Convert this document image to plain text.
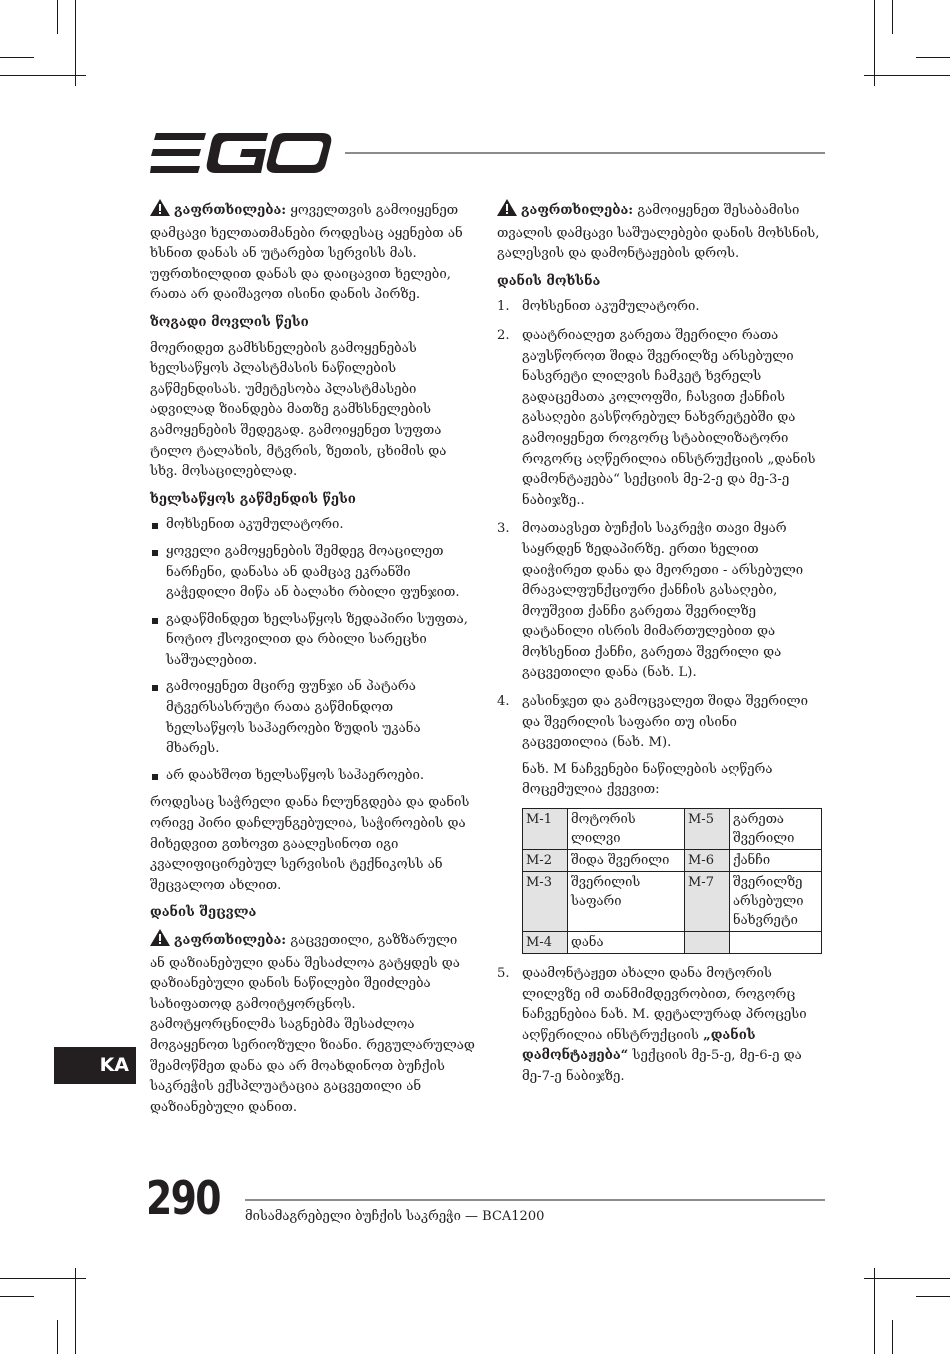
გაფრთხილება: ყოველთვის გამოიყენეთ დამცავი ხელთათმანები როდესაც აყენებთ ან ხსნით დანას ან უტარებთ სერვისს მას. უფრთხილდით დანას და დაიცავით ხელები, რათა არ დაიშავოთ ისინი დანის პირზე.

ზოგადი მოვლის წესი

მოერიდეთ გამხსნელების გამოყენებას ხელსაწყოს პლასტმასის ნაწილების გაწმენდისას. უმეტესობა პლასტმასები ადვილად ზიანდება მათზე გამხსნელების გამოყენების შედეგად. გამოიყენეთ სუფთა ტილო ტალახის, მტვრის, ზეთის, ცხიმის და სხვ. მოსაცილებლად.

ხელსაწყოს გაწმენდის წესი
მოხსენით აკუმულატორი.
ყოველი გამოყენების შემდეგ მოაცილეთ ნარჩენი, დანასა ან დამცავ ეკრანში გაჭედილი მიწა ან ბალახი რბილი ფუნჯით.
გადაწმინდეთ ხელსაწყოს ზედაპირი სუფთა, ნოტიო ქსოვილით და რბილი სარეცხი საშუალებით.
გამოიყენეთ მცირე ფუნჯი ან პატარა მტვერსასრუტი რათა გაწმინდოთ ხელსაწყოს საჰაეროები ზუდის უკანა მხარეს.
არ დაახშოთ ხელსაწყოს საჰაეროები.

როდესაც საჭრელი დანა ჩლუნგდება და დანის ორივე პირი დაჩლუნგებულია, საჭიროების და მიხედვით გთხოვთ გაალესინოთ იგი კვალიფიცირებულ სერვისის ტექნიკოსს ან შეცვალოთ ახლით.

დანის შეცვლა

გაფრთხილება: გაცვეთილი, გაზზარული ან დაზიანებული დანა შესაძლოა გატყდეს და დაზიანებული დანის ნაწილები შეიძლება სახიფათოდ გამოიტყორცნოს. გამოტყორცნილმა საგნებმა შესაძლოა მოგაყენოთ სერიოზული ზიანი. რეგულარულად შეამოწმეთ დანა და არ მოახდინოთ ბუჩქის საკრეჭის ექსპლუატაცია გაცვეთილი ან დაზიანებული დანით.

გაფრთხილება: გამოიყენეთ შესაბამისი თვალის დამცავი საშუალებები დანის მოხსნის, გალესვის და დამონტაჟების დროს.

დანის მოხსნა
1. მოხსენით აკუმულატორი.
2. დაატრიალეთ გარეთა შეერილი რათა გაუსწოროთ შიდა შვერილზე არსებული ნასვრეტი ლილვის ჩამკეტ ხვრელს გადაცემათა კოლოფში, ჩასვით ქანჩის გასაღები გასწორებულ ნახვრეტებში და გამოიყენეთ როგორც სტაბილიზატორი როგორც აღწერილია ინსტრუქციის „დანის დამონტაჟება“ სექციის მე-2-ე და მე-3-ე ნაბიჯზე..
3. მოათავსეთ ბუჩქის საკრეჭი თავი მყარ საყრდენ ზედაპირზე. ერთი ხელით დაიჭირეთ დანა და მეორეთი - არსებული მრავალფუნქციური ქანჩის გასაღები, მოუშვით ქანჩი გარეთა შვერილზე დატანილი ისრის მიმართულებით და მოხსენით ქანჩი, გარეთა შვერილი და გაცვეთილი დანა (ნახ. L).
4. გასინჯეთ და გამოცვალეთ შიდა შვერილი და შვერილის საფარი თუ ისინი გაცვეთილია (ნახ. M).
ნახ. M ნაჩვენები ნაწილების აღწერა მოცემულია ქვევით:
M-1	მოტორის ლილვი	M-5	გარეთა შვერილი
M-2	შიდა შვერილი	M-6	ქანჩი
M-3	შვერილის საფარი	M-7	შვერილზე არსებული ნახვრეტი
M-4	დანა		
5. დაამონტაჟეთ ახალი დანა მოტორის ლილვზე იმ თანმიმდევრობით, როგორც ნაჩვენებია ნახ. M. დეტალურად პროცესი აღწერილია ინსტრუქციის „დანის დამონტაჟება“ სექციის მე-5-ე, მე-6-ე და მე-7-ე ნაბიჯზე.
KA
290 მისამაგრებელი ბუჩქის საკრეჭი — BCA1200
